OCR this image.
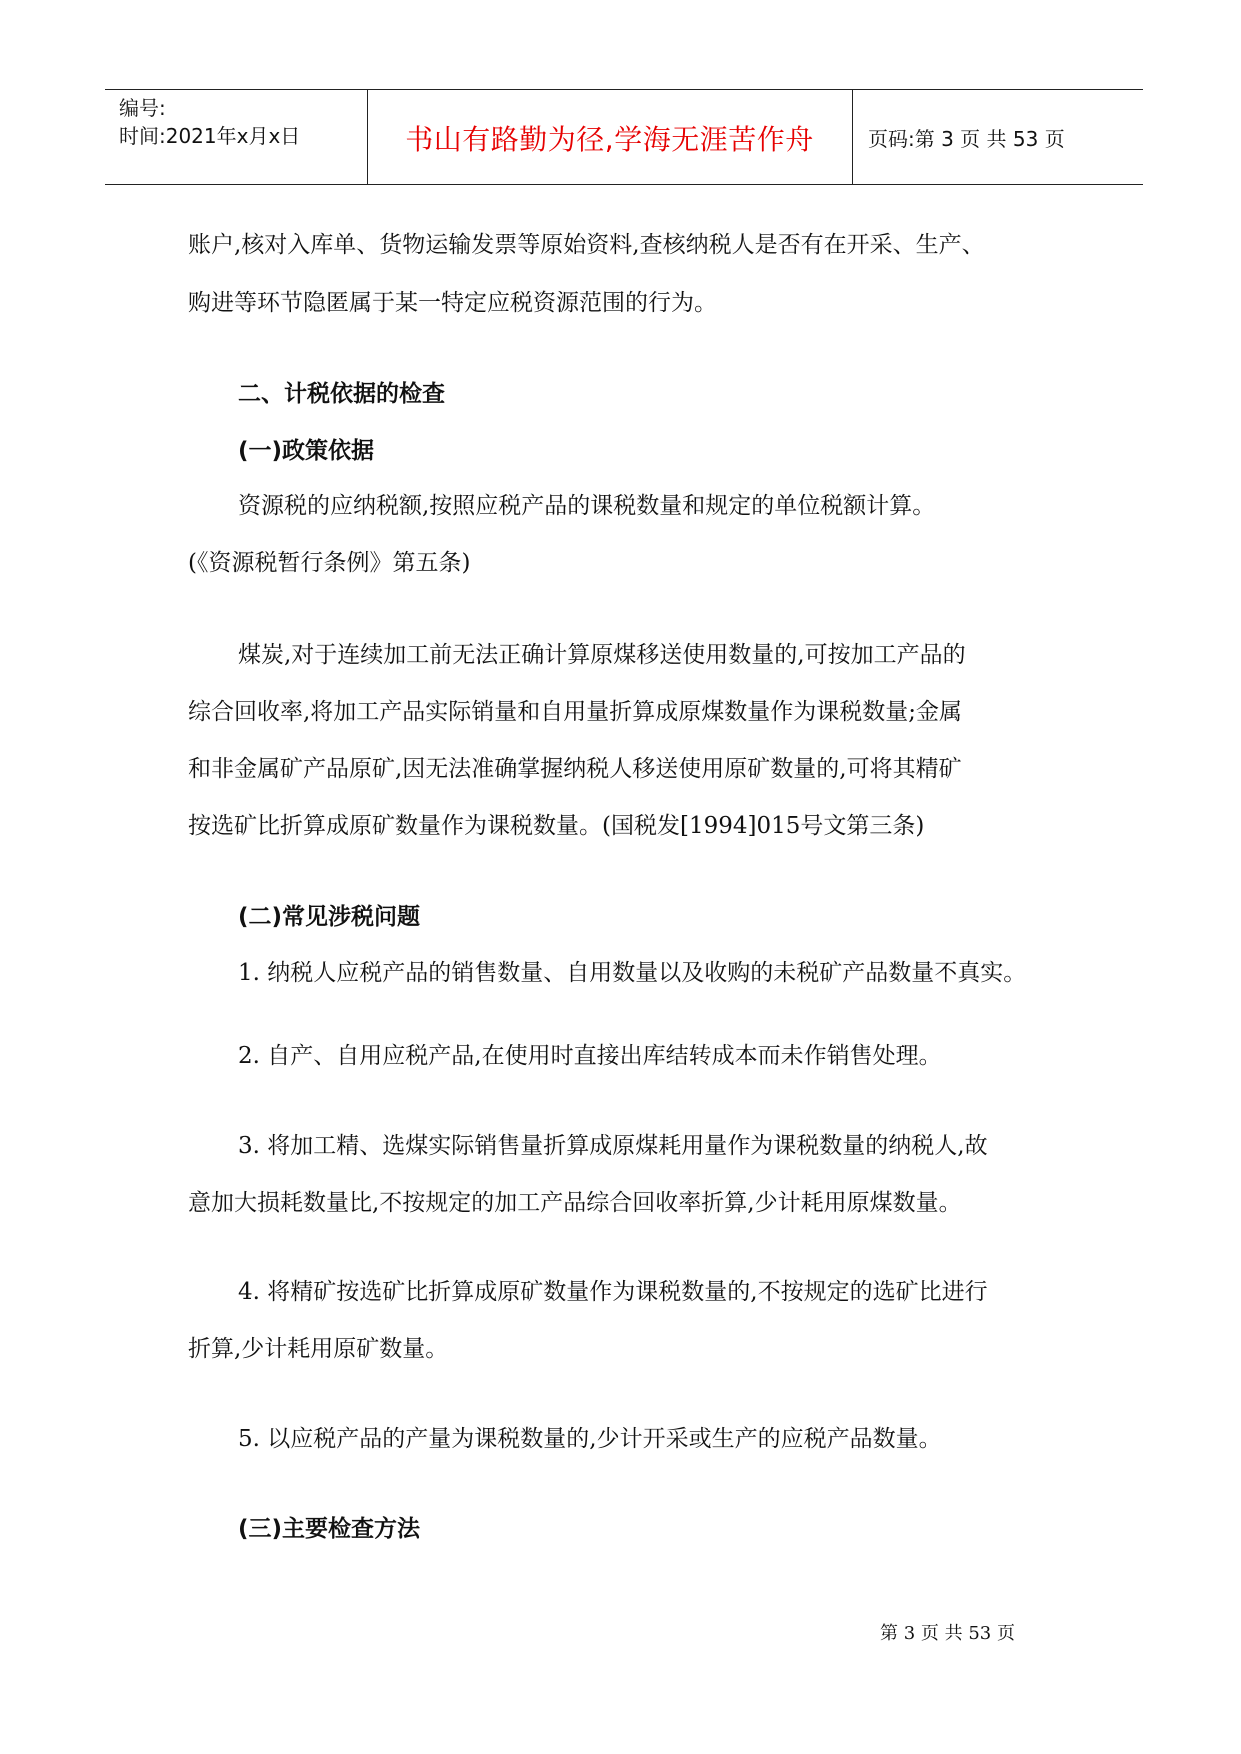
编号:
时间:2021年x月x日	书山有路勤为径,学海无涯苦作舟	页码:第 3 页 共 53 页
账户,核对入库单、货物运输发票等原始资料,查核纳税人是否有在开采、生产、
购进等环节隐匿属于某一特定应税资源范围的行为。
二、计税依据的检查
(一)政策依据
资源税的应纳税额,按照应税产品的课税数量和规定的单位税额计算。
(《资源税暂行条例》第五条)
煤炭,对于连续加工前无法正确计算原煤移送使用数量的,可按加工产品的
综合回收率,将加工产品实际销量和自用量折算成原煤数量作为课税数量;金属
和非金属矿产品原矿,因无法准确掌握纳税人移送使用原矿数量的,可将其精矿
按选矿比折算成原矿数量作为课税数量。(国税发[1994]015号文第三条)
(二)常见涉税问题
1. 纳税人应税产品的销售数量、自用数量以及收购的未税矿产品数量不真实。
2. 自产、自用应税产品,在使用时直接出库结转成本而未作销售处理。
3. 将加工精、选煤实际销售量折算成原煤耗用量作为课税数量的纳税人,故
意加大损耗数量比,不按规定的加工产品综合回收率折算,少计耗用原煤数量。
4. 将精矿按选矿比折算成原矿数量作为课税数量的,不按规定的选矿比进行
折算,少计耗用原矿数量。
5. 以应税产品的产量为课税数量的,少计开采或生产的应税产品数量。
(三)主要检查方法
第 3 页 共 53 页
